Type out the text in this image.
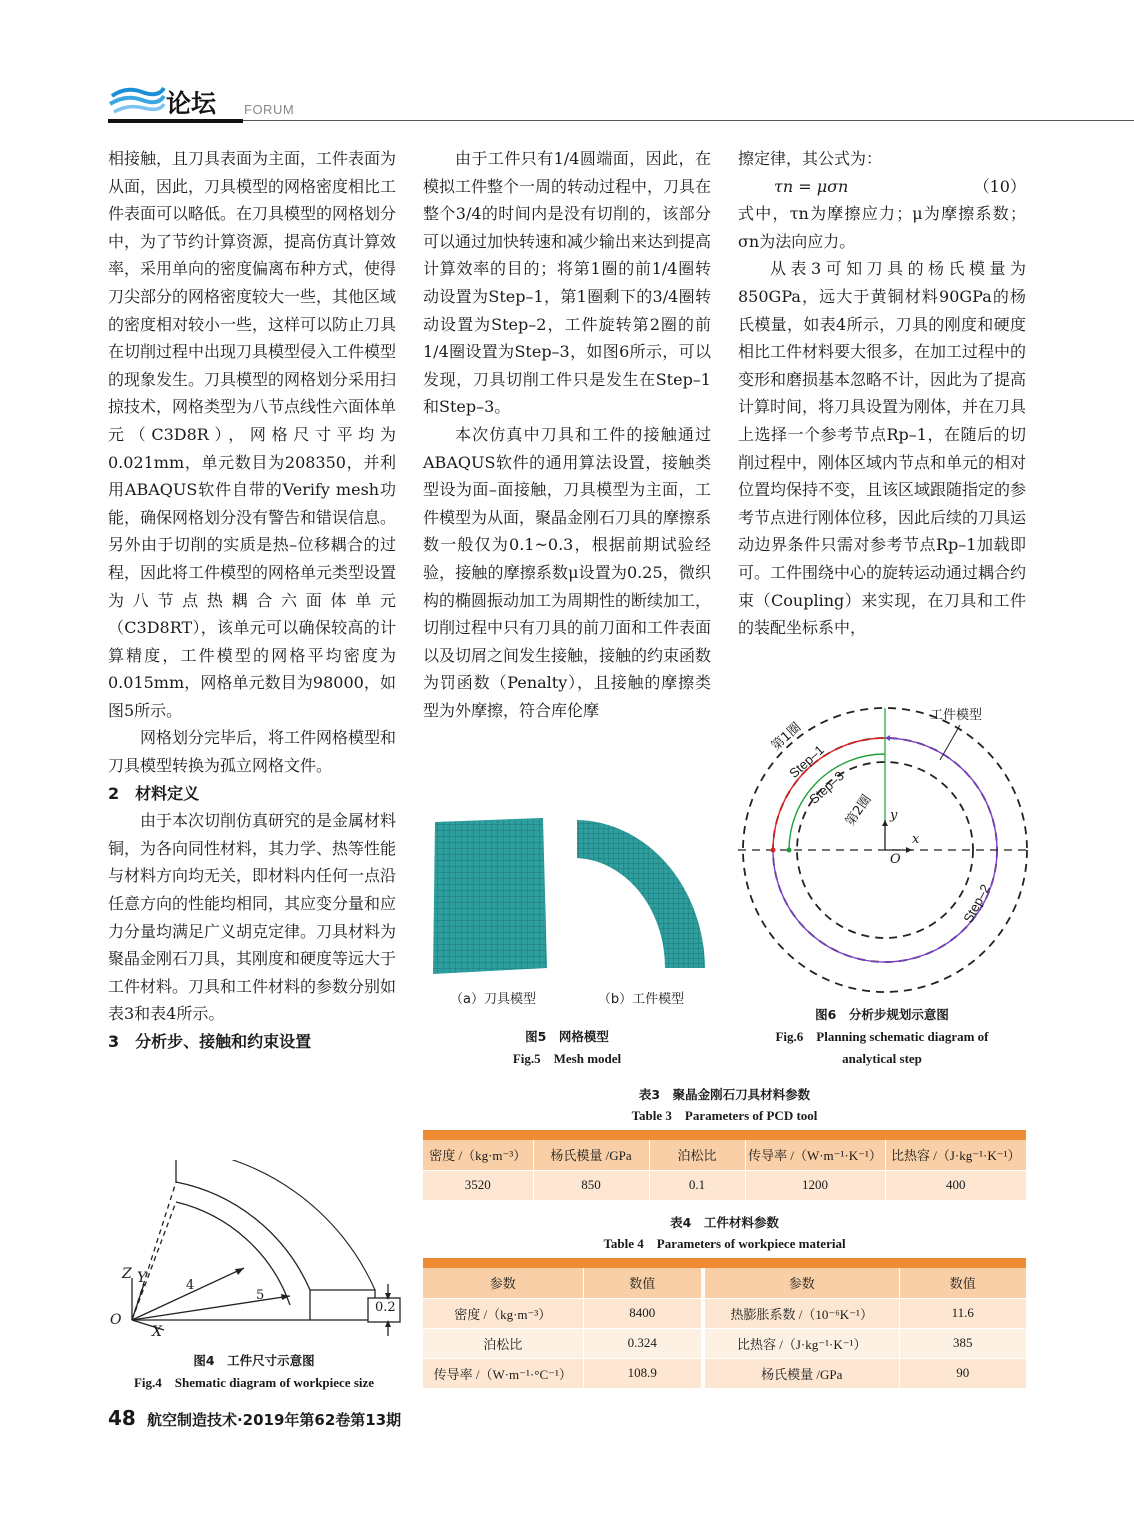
论坛 FORUM

相接触，且刀具表面为主面，工件表面为从面，因此，刀具模型的网格密度相比工件表面可以略低。在刀具模型的网格划分中，为了节约计算资源，提高仿真计算效率，采用单向的密度偏离布种方式，使得刀尖部分的网格密度较大一些，其他区域的密度相对较小一些，这样可以防止刀具在切削过程中出现刀具模型侵入工件模型的现象发生。刀具模型的网格划分采用扫掠技术，网格类型为八节点线性六面体单元（C3D8R），网格尺寸平均为0.021mm，单元数目为208350，并利用ABAQUS软件自带的Verify mesh功能，确保网格划分没有警告和错误信息。另外由于切削的实质是热–位移耦合的过程，因此将工件模型的网格单元类型设置为八节点热耦合六面体单元（C3D8RT），该单元可以确保较高的计算精度，工件模型的网格平均密度为0.015mm，网格单元数目为98000，如图5所示。

网格划分完毕后，将工件网格模型和刀具模型转换为孤立网格文件。

2　材料定义

由于本次切削仿真研究的是金属材料铜，为各向同性材料，其力学、热等性能与材料方向均无关，即材料内任何一点沿任意方向的性能均相同，其应变分量和应力分量均满足广义胡克定律。刀具材料为聚晶金刚石刀具，其刚度和硬度等远大于工件材料。刀具和工件材料的参数分别如表3和表4所示。

3　分析步、接触和约束设置

由于工件只有1/4圆端面，因此，在模拟工件整个一周的转动过程中，刀具在整个3/4的时间内是没有切削的，该部分可以通过加快转速和减少输出来达到提高计算效率的目的；将第1圈的前1/4圈转动设置为Step–1，第1圈剩下的3/4圈转动设置为Step–2，工件旋转第2圈的前1/4圈设置为Step–3，如图6所示，可以发现，刀具切削工件只是发生在Step–1和Step–3。

本次仿真中刀具和工件的接触通过ABAQUS软件的通用算法设置，接触类型设为面–面接触，刀具模型为主面，工件模型为从面，聚晶金刚石刀具的摩擦系数一般仅为0.1~0.3，根据前期试验经验，接触的摩擦系数μ设置为0.25，微织构的椭圆振动加工为周期性的断续加工，切削过程中只有刀具的前刀面和工件表面以及切屑之间发生接触，接触的约束函数为罚函数（Penalty），且接触的摩擦类型为外摩擦，符合库伦摩

擦定律，其公式为：

τn = μσn	（10）

式中，τn为摩擦应力；μ为摩擦系数；σn为法向应力。

从表3可知刀具的杨氏模量为850GPa，远大于黄铜材料90GPa的杨氏模量，如表4所示，刀具的刚度和硬度相比工件材料要大很多，在加工过程中的变形和磨损基本忽略不计，因此为了提高计算时间，将刀具设置为刚体，并在刀具上选择一个参考节点Rp–1，在随后的切削过程中，刚体区域内节点和单元的相对位置均保持不变，且该区域跟随指定的参考节点进行刚体位移，因此后续的刀具运动边界条件只需对参考节点Rp–1加载即可。工件围绕中心的旋转运动通过耦合约束（Coupling）来实现，在刀具和工件的装配坐标系中，

Z Y
O
X
4
5
0.2
图4　工件尺寸示意图
Fig.4　Shematic diagram of workpiece size
（a）刀具模型	（b）工件模型
图5　网格模型
Fig.5　Mesh model
工件模型
第1圈
Step–1
Step–3
第2圈
Step–2
x
y
O
图6　分析步规划示意图
Fig.6　Planning schematic diagram of
analytical step
表3　聚晶金刚石刀具材料参数
Table 3　Parameters of PCD tool
密度 /（kg·m⁻³）	杨氏模量 /GPa	泊松比	传导率 /（W·m⁻¹·K⁻¹）	比热容 /（J·kg⁻¹·K⁻¹）
3520	850	0.1	1200	400
表4　工件材料参数
Table 4　Parameters of workpiece material
参数	数值	参数	数值
密度 /（kg·m⁻³）	8400	热膨胀系数 /（10⁻⁶K⁻¹）	11.6
泊松比	0.324	比热容 /（J·kg⁻¹·K⁻¹）	385
传导率 /（W·m⁻¹·°C⁻¹）	108.9	杨氏模量 /GPa	90
48 航空制造技术·2019年第62卷第13期
